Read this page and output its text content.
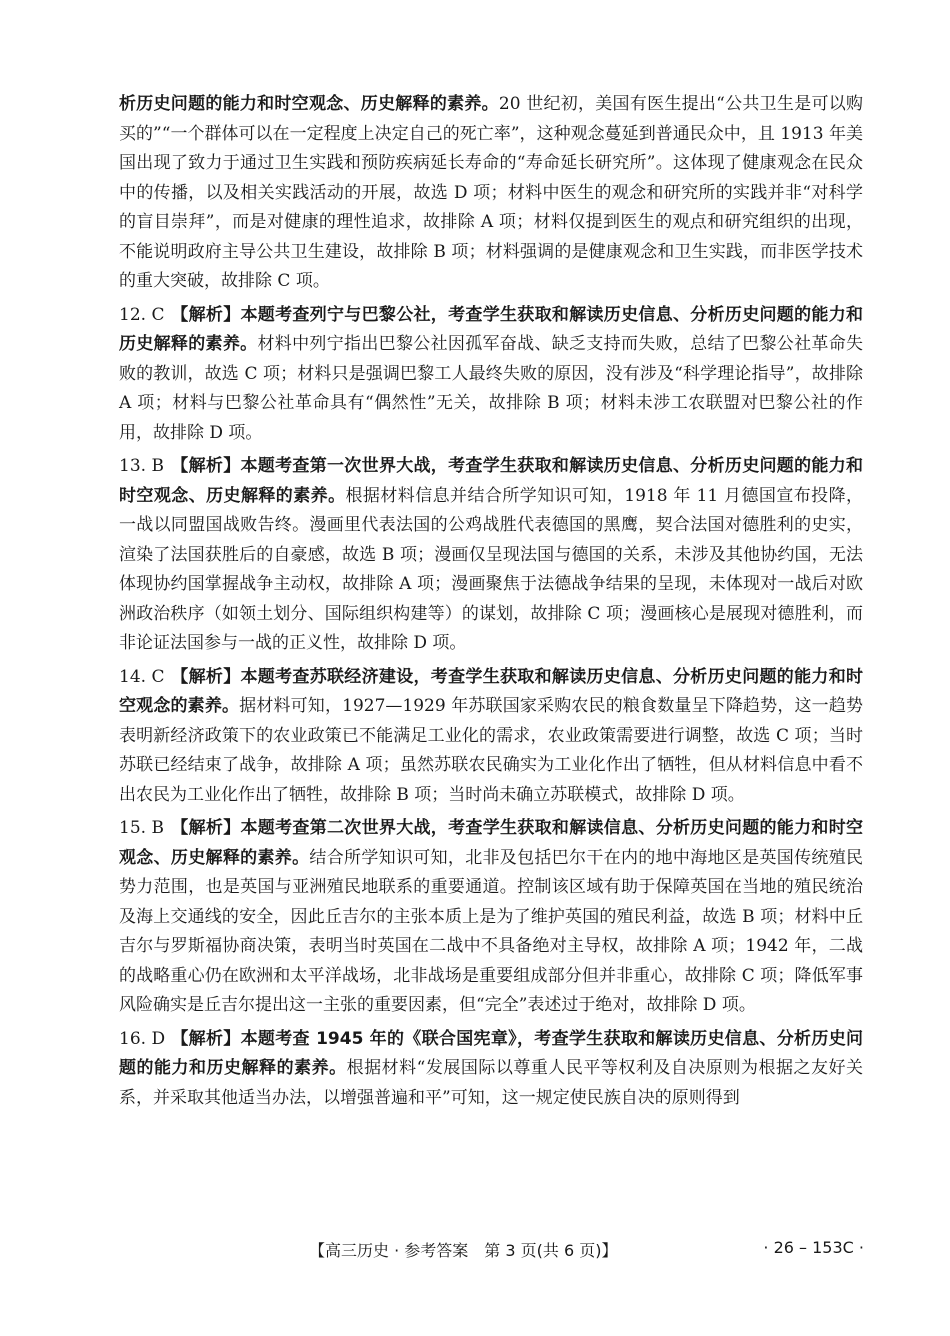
析历史问题的能力和时空观念、历史解释的素养。20 世纪初，美国有医生提出“公共卫生是可以购买的”“一个群体可以在一定程度上决定自己的死亡率”，这种观念蔓延到普通民众中，且 1913 年美国出现了致力于通过卫生实践和预防疾病延长寿命的“寿命延长研究所”。这体现了健康观念在民众中的传播，以及相关实践活动的开展，故选 D 项；材料中医生的观念和研究所的实践并非“对科学的盲目崇拜”，而是对健康的理性追求，故排除 A 项；材料仅提到医生的观点和研究组织的出现，不能说明政府主导公共卫生建设，故排除 B 项；材料强调的是健康观念和卫生实践，而非医学技术的重大突破，故排除 C 项。

12. C 【解析】本题考查列宁与巴黎公社，考查学生获取和解读历史信息、分析历史问题的能力和历史解释的素养。材料中列宁指出巴黎公社因孤军奋战、缺乏支持而失败，总结了巴黎公社革命失败的教训，故选 C 项；材料只是强调巴黎工人最终失败的原因，没有涉及“科学理论指导”，故排除 A 项；材料与巴黎公社革命具有“偶然性”无关，故排除 B 项；材料未涉工农联盟对巴黎公社的作用，故排除 D 项。
13. B 【解析】本题考查第一次世界大战，考查学生获取和解读历史信息、分析历史问题的能力和时空观念、历史解释的素养。根据材料信息并结合所学知识可知，1918 年 11 月德国宣布投降，一战以同盟国战败告终。漫画里代表法国的公鸡战胜代表德国的黑鹰，契合法国对德胜利的史实，渲染了法国获胜后的自豪感，故选 B 项；漫画仅呈现法国与德国的关系，未涉及其他协约国，无法体现协约国掌握战争主动权，故排除 A 项；漫画聚焦于法德战争结果的呈现，未体现对一战后对欧洲政治秩序（如领土划分、国际组织构建等）的谋划，故排除 C 项；漫画核心是展现对德胜利，而非论证法国参与一战的正义性，故排除 D 项。
14. C 【解析】本题考查苏联经济建设，考查学生获取和解读历史信息、分析历史问题的能力和时空观念的素养。据材料可知，1927—1929 年苏联国家采购农民的粮食数量呈下降趋势，这一趋势表明新经济政策下的农业政策已不能满足工业化的需求，农业政策需要进行调整，故选 C 项；当时苏联已经结束了战争，故排除 A 项；虽然苏联农民确实为工业化作出了牺牲，但从材料信息中看不出农民为工业化作出了牺牲，故排除 B 项；当时尚未确立苏联模式，故排除 D 项。
15. B 【解析】本题考查第二次世界大战，考查学生获取和解读信息、分析历史问题的能力和时空观念、历史解释的素养。结合所学知识可知，北非及包括巴尔干在内的地中海地区是英国传统殖民势力范围，也是英国与亚洲殖民地联系的重要通道。控制该区域有助于保障英国在当地的殖民统治及海上交通线的安全，因此丘吉尔的主张本质上是为了维护英国的殖民利益，故选 B 项；材料中丘吉尔与罗斯福协商决策，表明当时英国在二战中不具备绝对主导权，故排除 A 项；1942 年，二战的战略重心仍在欧洲和太平洋战场，北非战场是重要组成部分但并非重心，故排除 C 项；降低军事风险确实是丘吉尔提出这一主张的重要因素，但“完全”表述过于绝对，故排除 D 项。
16. D 【解析】本题考查 1945 年的《联合国宪章》，考查学生获取和解读历史信息、分析历史问题的能力和历史解释的素养。根据材料“发展国际以尊重人民平等权利及自决原则为根据之友好关系，并采取其他适当办法，以增强普遍和平”可知，这一规定使民族自决的原则得到
【高三历史 · 参考答案　第 3 页(共 6 页)】	· 26 – 153C ·
